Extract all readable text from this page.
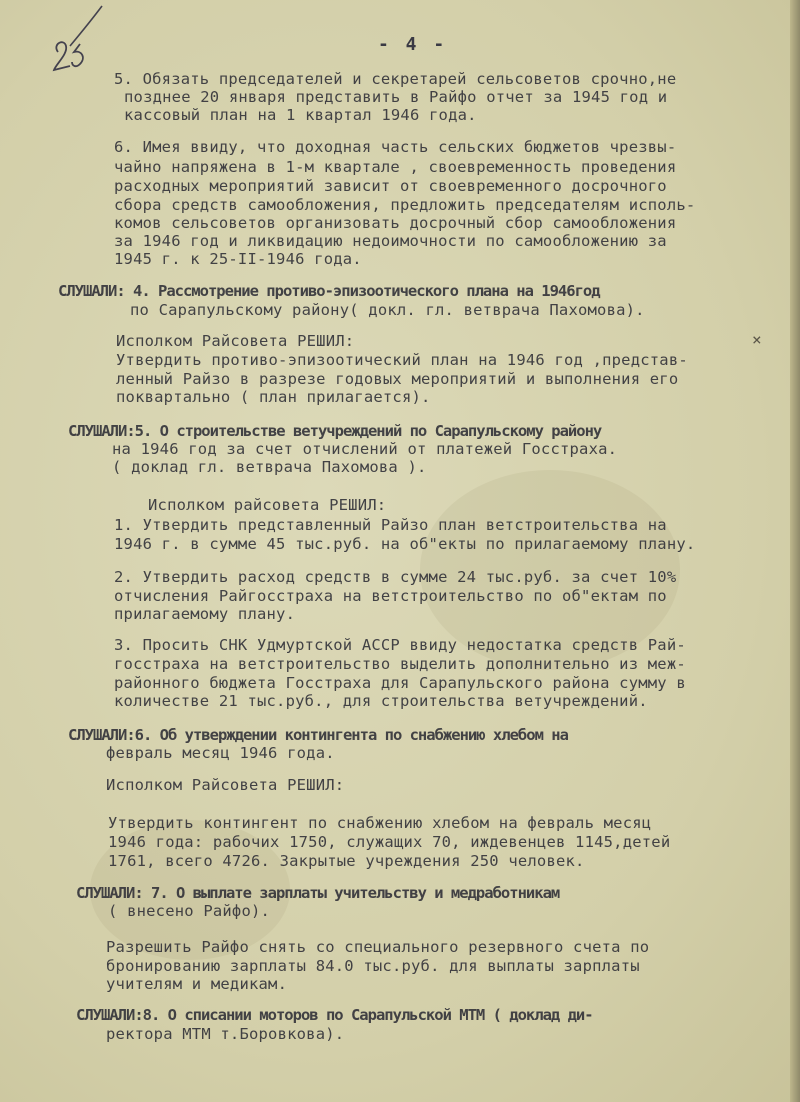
- 4 -
5. Обязать председателей и секретарей сельсоветов срочно,не
позднее 20 января представить в Райфо отчет за 1945 год и
кассовый план на 1 квартал 1946 года.
6. Имея ввиду, что доходная часть сельских бюджетов чрезвы-
чайно напряжена в 1-м квартале , своевременность проведения
расходных мероприятий зависит от своевременного досрочного
сбора средств самообложения, предложить председателям исполь-
комов сельсоветов организовать досрочный сбор самообложения
за 1946 год и ликвидацию недоимочности по самообложению за
1945 г. к 25-II-1946 года.
СЛУШАЛИ: 4. Рассмотрение противо-эпизоотического плана на 1946год
по Сарапульскому району( докл. гл. ветврача Пахомова).
Исполком Райсовета РЕШИЛ:
Утвердить противо-эпизоотический план на 1946 год ,представ-
ленный Райзо в разрезе годовых мероприятий и выполнения его
поквартально ( план прилагается).
СЛУШАЛИ:5. О строительстве ветучреждений по Сарапульскому району
на 1946 год за счет отчислений от платежей Госстраха.
( доклад гл. ветврача Пахомова ).
Исполком райсовета РЕШИЛ:
1. Утвердить представленный Райзо план ветстроительства на
1946 г. в сумме 45 тыс.руб. на об"екты по прилагаемому плану.
2. Утвердить расход средств в сумме 24 тыс.руб. за счет 10%
отчисления Райгосстраха на ветстроительство по об"ектам по
прилагаемому плану.
3. Просить СНК Удмуртской АССР ввиду недостатка средств Рай-
госстраха на ветстроительство выделить дополнительно из меж-
районного бюджета Госстраха для Сарапульского района сумму в
количестве 21 тыс.руб., для строительства ветучреждений.
СЛУШАЛИ:6. Об утверждении контингента по снабжению хлебом на
февраль месяц 1946 года.
Исполком Райсовета РЕШИЛ:
Утвердить контингент по снабжению хлебом на февраль месяц
1946 года: рабочих 1750, служащих 70, иждевенцев 1145,детей
1761, всего 4726. Закрытые учреждения 250 человек.
СЛУШАЛИ: 7. О выплате зарплаты учительству и медработникам
( внесено Райфо).
Разрешить Райфо снять со специального резервного счета по
бронированию зарплаты 84.0 тыс.руб. для выплаты зарплаты
учителям и медикам.
СЛУШАЛИ:8. О списании моторов по Сарапульской МТМ ( доклад ди-
ректора МТМ т.Боровкова).
×
